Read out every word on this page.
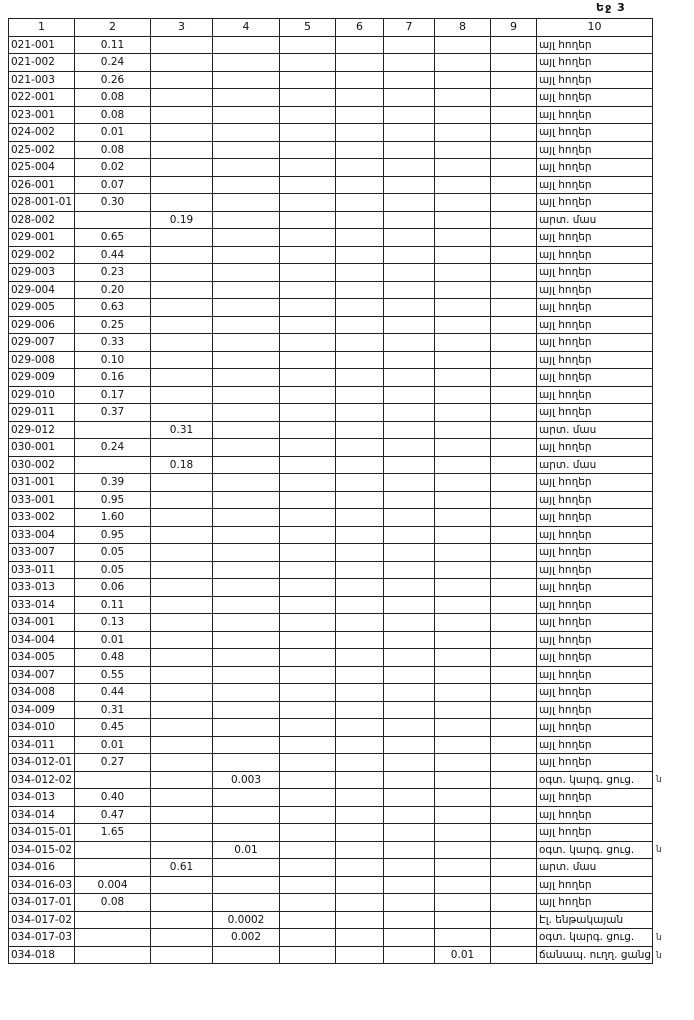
Եջ 3
1	2	3	4	5	6	7	8	9	10
021-001	0.11								այլ հողեր
021-002	0.24								այլ հողեր
021-003	0.26								այլ հողեր
022-001	0.08								այլ հողեր
023-001	0.08								այլ հողեր
024-002	0.01								այլ հողեր
025-002	0.08								այլ հողեր
025-004	0.02								այլ հողեր
026-001	0.07								այլ հողեր
028-001-01	0.30								այլ հողեր
028-002		0.19							արտ. մաս
029-001	0.65								այլ հողեր
029-002	0.44								այլ հողեր
029-003	0.23								այլ հողեր
029-004	0.20								այլ հողեր
029-005	0.63								այլ հողեր
029-006	0.25								այլ հողեր
029-007	0.33								այլ հողեր
029-008	0.10								այլ հողեր
029-009	0.16								այլ հողեր
029-010	0.17								այլ հողեր
029-011	0.37								այլ հողեր
029-012		0.31							արտ. մաս
030-001	0.24								այլ հողեր
030-002		0.18							արտ. մաս
031-001	0.39								այլ հողեր
033-001	0.95								այլ հողեր
033-002	1.60								այլ հողեր
033-004	0.95								այլ հողեր
033-007	0.05								այլ հողեր
033-011	0.05								այլ հողեր
033-013	0.06								այլ հողեր
033-014	0.11								այլ հողեր
034-001	0.13								այլ հողեր
034-004	0.01								այլ հողեր
034-005	0.48								այլ հողեր
034-007	0.55								այլ հողեր
034-008	0.44								այլ հողեր
034-009	0.31								այլ հողեր
034-010	0.45								այլ հողեր
034-011	0.01								այլ հողեր
034-012-01	0.27								այլ հողեր
034-012-02			0.003						օգտ. կարգ. ցուց.
034-013	0.40								այլ հողեր
034-014	0.47								այլ հողեր
034-015-01	1.65								այլ հողեր
034-015-02			0.01						օգտ. կարգ. ցուց.
034-016		0.61							արտ. մաս
034-016-03	0.004								այլ հողեր
034-017-01	0.08								այլ հողեր
034-017-02			0.0002						Էլ. ենթակայան
034-017-03			0.002						օգտ. կարգ. ցուց.
034-018							0.01		ճանապ. ուղղ. ցանց
ն
ն
ն
ն
